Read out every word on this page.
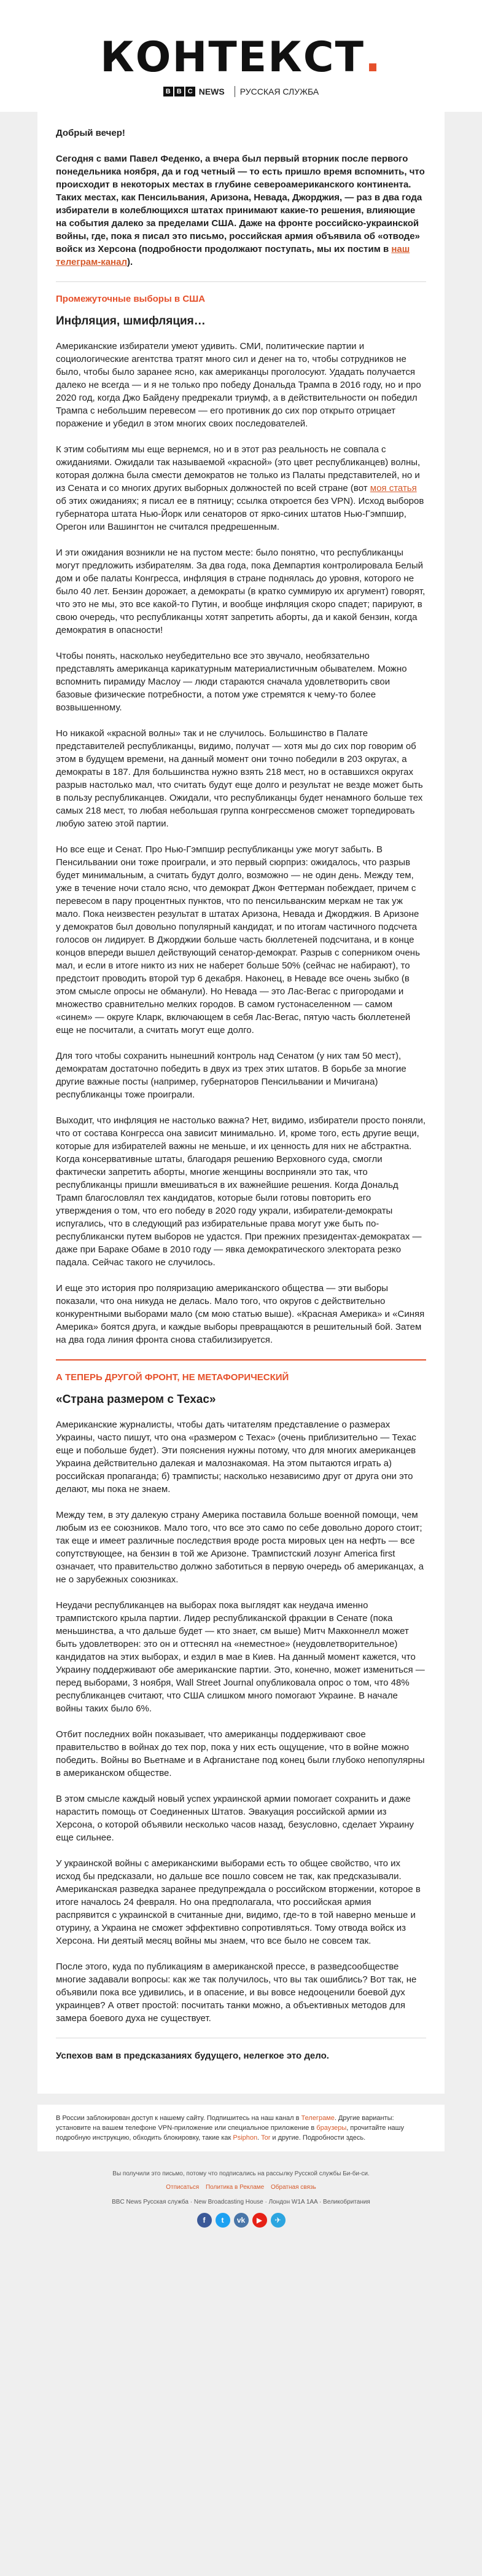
КОНТЕКСТ.
B B C NEWS РУССКАЯ СЛУЖБА

Добрый вечер!

Сегодня с вами Павел Феденко, а вчера был первый вторник после первого понедельника ноября, да и год четный — то есть пришло время вспомнить, что происходит в некоторых местах в глубине североамериканского континента. Таких местах, как Пенсильвания, Аризона, Невада, Джорджия, — раз в два года избиратели в колеблющихся штатах принимают какие-то решения, влияющие на события далеко за пределами США. Даже на фронте российско-украинской войны, где, пока я писал это письмо, российская армия объявила об «отводе» войск из Херсона (подробности продолжают поступать, мы их постим в наш телеграм-канал).

Промежуточные выборы в США
Инфляция, шмифляция…

Американские избиратели умеют удивить. СМИ, политические партии и социологические агентства тратят много сил и денег на то, чтобы сотрудников не было, чтобы было заранее ясно, как американцы проголосуют. Удадать получается далеко не всегда — и я не только про победу Дональда Трампа в 2016 году, но и про 2020 год, когда Джо Байдену предрекали триумф, а в действительности он победил Трампа с небольшим перевесом — его противник до сих пор открыто отрицает поражение и убедил в этом многих своих последователей.

К этим событиям мы еще вернемся, но и в этот раз реальность не совпала с ожиданиями. Ожидали так называемой «красной» (это цвет республиканцев) волны, которая должна была смести демократов не только из Палаты представителей, но и из Сената и со многих других выборных должностей по всей стране (вот моя статья об этих ожиданиях; я писал ее в пятницу; ссылка откроется без VPN). Исход выборов губернатора штата Нью-Йорк или сенаторов от ярко-синих штатов Нью-Гэмпшир, Орегон или Вашингтон не считался предрешенным.

И эти ожидания возникли не на пустом месте: было понятно, что республиканцы могут предложить избирателям. За два года, пока Демпартия контролировала Белый дом и обе палаты Конгресса, инфляция в стране поднялась до уровня, которого не было 40 лет. Бензин дорожает, а демократы (в кратко суммирую их аргумент) говорят, что это не мы, это все какой-то Путин, и вообще инфляция скоро спадет; парируют, в свою очередь, что республиканцы хотят запретить аборты, да и какой бензин, когда демократия в опасности!

Чтобы понять, насколько неубедительно все это звучало, необязательно представлять американца карикатурным материалистичным обывателем. Можно вспомнить пирамиду Маслоу — люди стараются сначала удовлетворить свои базовые физические потребности, а потом уже стремятся к чему-то более возвышенному.

Но никакой «красной волны» так и не случилось. Большинство в Палате представителей республиканцы, видимо, получат — хотя мы до сих пор говорим об этом в будущем времени, на данный момент они точно победили в 203 округах, а демократы в 187. Для большинства нужно взять 218 мест, но в оставшихся округах разрыв настолько мал, что считать будут еще долго и результат не везде может быть в пользу республиканцев. Ожидали, что республиканцы будет ненамного больше тех самых 218 мест, то любая небольшая группа конгрессменов сможет торпедировать любую затею этой партии.

Но все еще и Сенат. Про Нью-Гэмпшир республиканцы уже могут забыть. В Пенсильвании они тоже проиграли, и это первый сюрприз: ожидалось, что разрыв будет минимальным, а считать будут долго, возможно — не один день. Между тем, уже в течение ночи стало ясно, что демократ Джон Феттерман побеждает, причем с перевесом в пару процентных пунктов, что по пенсильванским меркам не так уж мало. Пока неизвестен результат в штатах Аризона, Невада и Джорджия. В Аризоне у демократов был довольно популярный кандидат, и по итогам частичного подсчета голосов он лидирует. В Джорджии больше часть бюллетеней подсчитана, и в конце концов впереди вышел действующий сенатор-демократ. Разрыв с соперником очень мал, и если в итоге никто из них не наберет больше 50% (сейчас не набирают), то предстоит проводить второй тур 6 декабря. Наконец, в Неваде все очень зыбко (в этом смысле опросы не обманули). Но Невада — это Лас-Вегас с пригородами и множество сравнительно мелких городов. В самом густонаселенном — самом «синем» — округе Кларк, включающем в себя Лас-Вегас, пятую часть бюллетеней еще не посчитали, а считать могут еще долго.

Для того чтобы сохранить нынешний контроль над Сенатом (у них там 50 мест), демократам достаточно победить в двух из трех этих штатов. В борьбе за многие другие важные посты (например, губернаторов Пенсильвании и Мичигана) республиканцы тоже проиграли.

Выходит, что инфляция не настолько важна? Нет, видимо, избиратели просто поняли, что от состава Конгресса она зависит минимально. И, кроме того, есть другие вещи, которые для избирателей важны не меньше, и их ценность для них не абстрактна. Когда консервативные штаты, благодаря решению Верховного суда, смогли фактически запретить аборты, многие женщины восприняли это так, что республиканцы пришли вмешиваться в их важнейшие решения. Когда Дональд Трамп благословлял тех кандидатов, которые были готовы повторить его утверждения о том, что его победу в 2020 году украли, избиратели-демократы испугались, что в следующий раз избирательные права могут уже быть по-республикански путем выборов не удастся. При прежних президентах-демократах — даже при Бараке Обаме в 2010 году — явка демократического электората резко падала. Сейчас такого не случилось.

И еще это история про поляризацию американского общества — эти выборы показали, что она никуда не делась. Мало того, что округов с действительно конкурентными выборами мало (см мою статью выше). «Красная Америка» и «Синяя Америка» боятся друга, и каждые выборы превращаются в решительный бой. Затем на два года линия фронта снова стабилизируется.

А ТЕПЕРЬ ДРУГОЙ ФРОНТ, НЕ МЕТАФОРИЧЕСКИЙ
«Страна размером с Техас»

Американские журналисты, чтобы дать читателям представление о размерах Украины, часто пишут, что она «размером с Техас» (очень приблизительно — Техас еще и побольше будет). Эти пояснения нужны потому, что для многих американцев Украина действительно далекая и малознакомая. На этом пытаются играть а) российская пропаганда; б) трамписты; насколько независимо друг от друга они это делают, мы пока не знаем.

Между тем, в эту далекую страну Америка поставила больше военной помощи, чем любым из ее союзников. Мало того, что все это само по себе довольно дорого стоит; так еще и имеет различные последствия вроде роста мировых цен на нефть — все сопутствующее, на бензин в той же Аризоне. Трампистский лозунг America first означает, что правительство должно заботиться в первую очередь об американцах, а не о зарубежных союзниках.

Неудачи республиканцев на выборах пока выглядят как неудача именно трампистского крыла партии. Лидер республиканской фракции в Сенате (пока меньшинства, а что дальше будет — кто знает, см выше) Митч Макконнелл может быть удовлетворен: это он и оттеснял на «неместное» (неудовлетворительное) кандидатов на этих выборах, и ездил в мае в Киев. На данный момент кажется, что Украину поддерживают обе американские партии. Это, конечно, может измениться — перед выборами, 3 ноября, Wall Street Journal опубликовала опрос о том, что 48% республиканцев считают, что США слишком много помогают Украине. В начале войны таких было 6%.

Отбит последних войн показывает, что американцы поддерживают свое правительство в войнах до тех пор, пока у них есть ощущение, что в войне можно победить. Войны во Вьетнаме и в Афганистане под конец были глубоко непопулярны в американском обществе.

В этом смысле каждый новый успех украинской армии помогает сохранить и даже нарастить помощь от Соединенных Штатов. Эвакуация российской армии из Херсона, о которой объявили несколько часов назад, безусловно, сделает Украину еще сильнее.

У украинской войны с американскими выборами есть то общее свойство, что их исход бы предсказали, но дальше все пошло совсем не так, как предсказывали. Американская разведка заранее предупреждала о российском вторжении, которое в итоге началось 24 февраля. Но она предполагала, что российская армия распрявится с украинской в считанные дни, видимо, где-то в той наверно меньше и отурину, а Украина не сможет эффективно сопротивляться. Тому отвода войск из Херсона. Ни деятый месяц войны мы знаем, что все было не совсем так.

После этого, куда по публикациям в американской прессе, в разведсообществе многие задавали вопросы: как же так получилось, что вы так ошиблись? Вот так, не объявили пока все удивились, и в опасение, и вы вовсе недооценили боевой дух украинцев? А ответ простой: посчитать танки можно, а объективных методов для замера боевого духа не существует.

Успехов вам в предсказаниях будущего, нелегкое это дело.

В России заблокирован доступ к нашему сайту. Подпишитесь на наш канал в Телеграме. Другие варианты: установите на вашем телефоне VPN-приложение или специальное приложение в браузеры, прочитайте нашу подробную инструкцию, обходить блокировку, такие как Psiphon. Tor и другие. Подробности здесь.
Вы получили это письмо, потому что подписались на рассылку Русской службы Би-би-си.
Отписаться Политика в Рекламе Обратная связь
BBC News Русская служба · New Broadcasting House · Лондон W1A 1AA · Великобритания
f	t	vk	▶	✈
